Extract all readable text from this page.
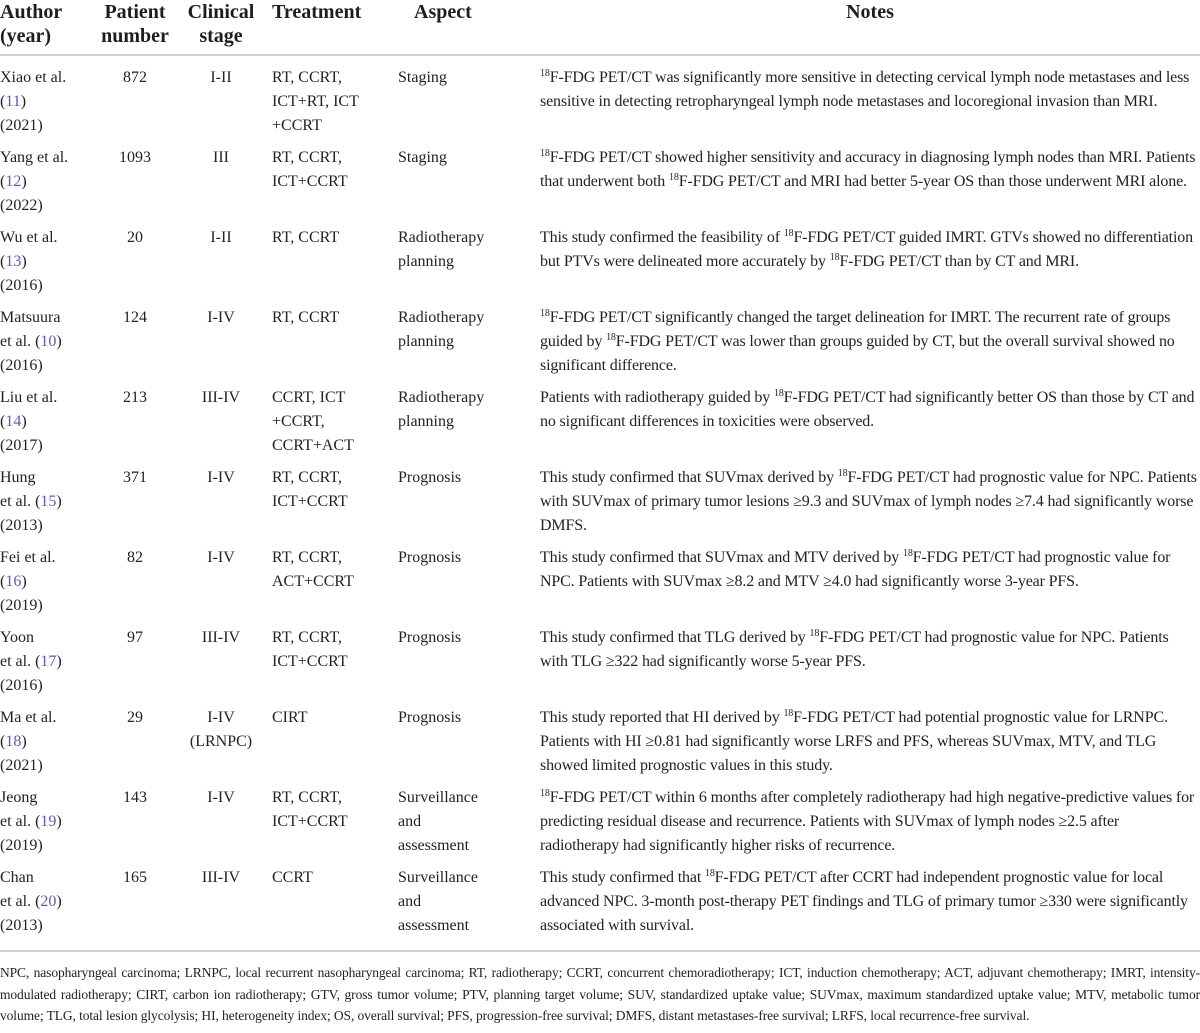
Author
(year)	Patient
number	Clinical
stage	Treatment	Aspect	Notes
Xiao et al.
(11)
(2021)	872	I-II	RT, CCRT,
ICT+RT, ICT
+CCRT	Staging	$^{18}$F-FDG PET/CT was significantly more sensitive in detecting cervical lymph node metastases and less sensitive in detecting retropharyngeal lymph node metastases and locoregional invasion than MRI.
Yang et al.
(12)
(2022)	1093	III	RT, CCRT,
ICT+CCRT	Staging	$^{18}$F-FDG PET/CT showed higher sensitivity and accuracy in diagnosing lymph nodes than MRI. Patients that underwent both $^{18}$F-FDG PET/CT and MRI had better 5-year OS than those underwent MRI alone.
Wu et al.
(13)
(2016)	20	I-II	RT, CCRT	Radiotherapy
planning	This study confirmed the feasibility of $^{18}$F-FDG PET/CT guided IMRT. GTVs showed no differentiation but PTVs were delineated more accurately by $^{18}$F-FDG PET/CT than by CT and MRI.
Matsuura
et al. (10)
(2016)	124	I-IV	RT, CCRT	Radiotherapy
planning	$^{18}$F-FDG PET/CT significantly changed the target delineation for IMRT. The recurrent rate of groups guided by $^{18}$F-FDG PET/CT was lower than groups guided by CT, but the overall survival showed no significant difference.
Liu et al.
(14)
(2017)	213	III-IV	CCRT, ICT
+CCRT,
CCRT+ACT	Radiotherapy
planning	Patients with radiotherapy guided by $^{18}$F-FDG PET/CT had significantly better OS than those by CT and no significant differences in toxicities were observed.
Hung
et al. (15)
(2013)	371	I-IV	RT, CCRT,
ICT+CCRT	Prognosis	This study confirmed that SUVmax derived by $^{18}$F-FDG PET/CT had prognostic value for NPC. Patients with SUVmax of primary tumor lesions ≥9.3 and SUVmax of lymph nodes ≥7.4 had significantly worse DMFS.
Fei et al.
(16)
(2019)	82	I-IV	RT, CCRT,
ACT+CCRT	Prognosis	This study confirmed that SUVmax and MTV derived by $^{18}$F-FDG PET/CT had prognostic value for NPC. Patients with SUVmax ≥8.2 and MTV ≥4.0 had significantly worse 3-year PFS.
Yoon
et al. (17)
(2016)	97	III-IV	RT, CCRT,
ICT+CCRT	Prognosis	This study confirmed that TLG derived by $^{18}$F-FDG PET/CT had prognostic value for NPC. Patients with TLG ≥322 had significantly worse 5-year PFS.
Ma et al.
(18)
(2021)	29	I-IV (LRNPC)	CIRT	Prognosis	This study reported that HI derived by $^{18}$F-FDG PET/CT had potential prognostic value for LRNPC. Patients with HI ≥0.81 had significantly worse LRFS and PFS, whereas SUVmax, MTV, and TLG showed limited prognostic values in this study.
Jeong
et al. (19)
(2019)	143	I-IV	RT, CCRT,
ICT+CCRT	Surveillance
and
assessment	$^{18}$F-FDG PET/CT within 6 months after completely radiotherapy had high negative-predictive values for predicting residual disease and recurrence. Patients with SUVmax of lymph nodes ≥2.5 after radiotherapy had significantly higher risks of recurrence.
Chan
et al. (20)
(2013)	165	III-IV	CCRT	Surveillance
and
assessment	This study confirmed that $^{18}$F-FDG PET/CT after CCRT had independent prognostic value for local advanced NPC. 3-month post-therapy PET findings and TLG of primary tumor ≥330 were significantly associated with survival.
NPC, nasopharyngeal carcinoma; LRNPC, local recurrent nasopharyngeal carcinoma; RT, radiotherapy; CCRT, concurrent chemoradiotherapy; ICT, induction chemotherapy; ACT, adjuvant chemotherapy; IMRT, intensity-modulated radiotherapy; CIRT, carbon ion radiotherapy; GTV, gross tumor volume; PTV, planning target volume; SUV, standardized uptake value; SUVmax, maximum standardized uptake value; MTV, metabolic tumor volume; TLG, total lesion glycolysis; HI, heterogeneity index; OS, overall survival; PFS, progression-free survival; DMFS, distant metastases-free survival; LRFS, local recurrence-free survival.					
